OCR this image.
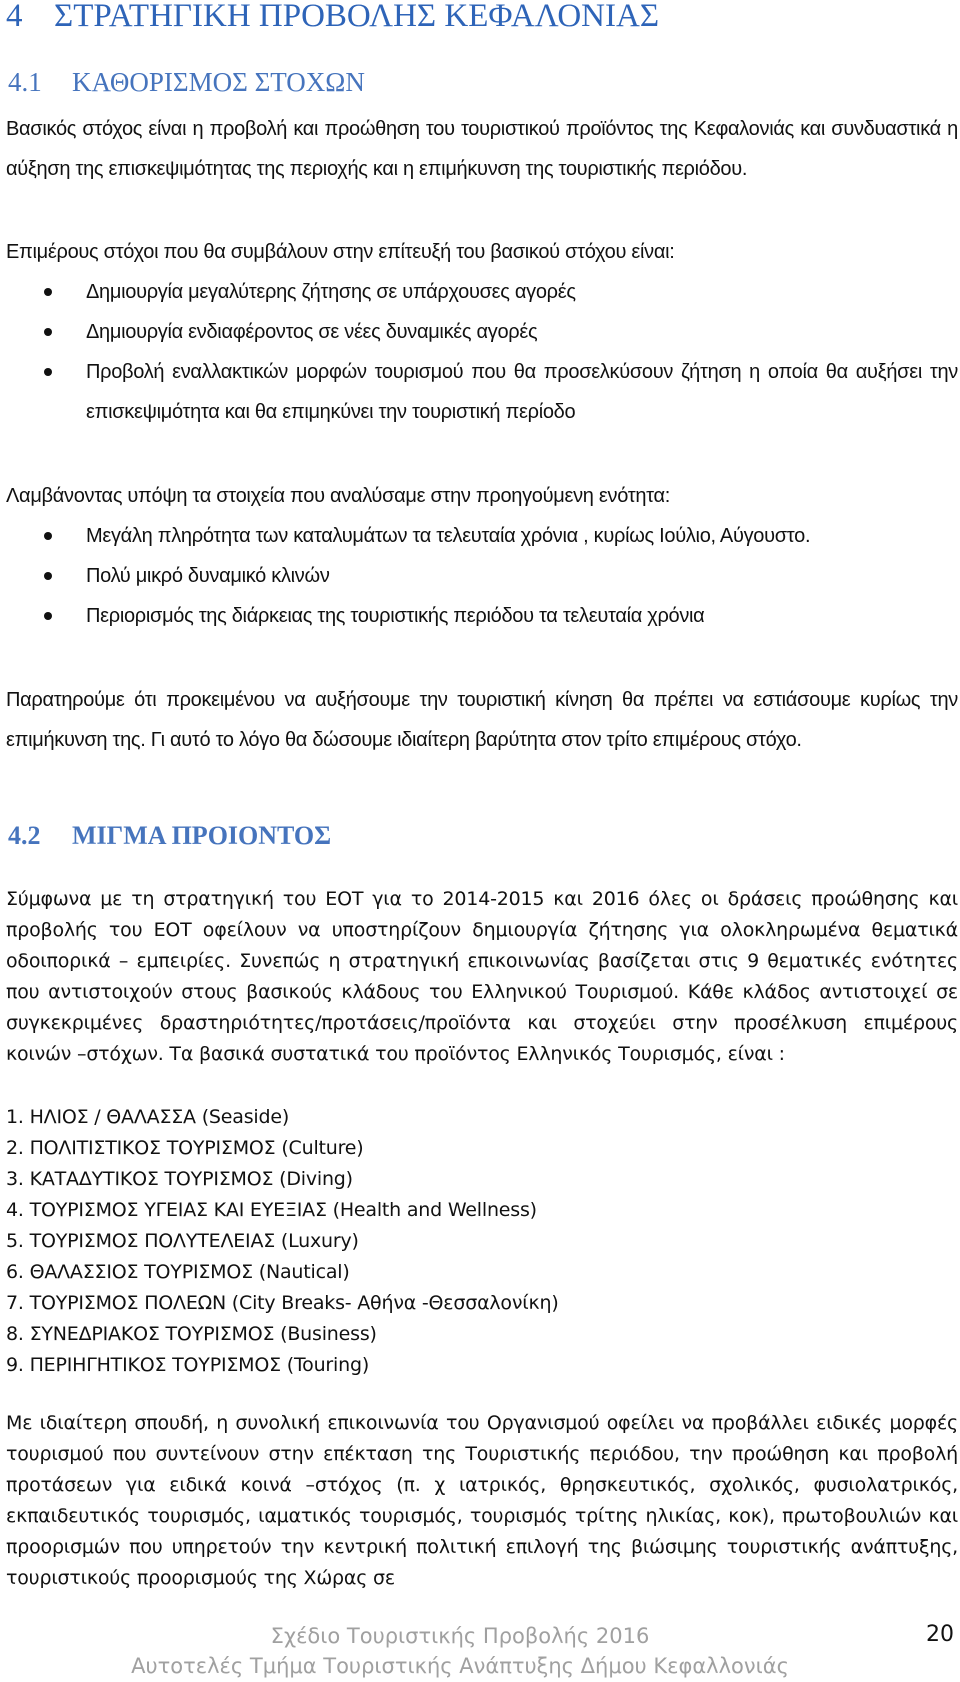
4 ΣΤΡΑΤΗΓΙΚΗ ΠΡΟΒΟΛΗΣ ΚΕΦΑΛΟΝΙΑΣ
4.1 ΚΑΘΟΡΙΣΜΟΣ ΣΤΟΧΩΝ
Βασικός στόχος είναι η προβολή και προώθηση του τουριστικού προϊόντος της Κεφαλονιάς και συνδυαστικά η αύξηση της επισκεψιμότητας της περιοχής και η επιμήκυνση της τουριστικής περιόδου.
Επιμέρους στόχοι που θα συμβάλουν στην επίτευξή του βασικού στόχου είναι:
Δημιουργία μεγαλύτερης ζήτησης σε υπάρχουσες αγορές
Δημιουργία ενδιαφέροντος σε νέες δυναμικές αγορές
Προβολή εναλλακτικών μορφών τουρισμού που θα προσελκύσουν ζήτηση η οποία θα αυξήσει την επισκεψιμότητα και θα επιμηκύνει την τουριστική περίοδο
Λαμβάνοντας υπόψη τα στοιχεία που αναλύσαμε στην προηγούμενη ενότητα:
Μεγάλη πληρότητα των καταλυμάτων τα τελευταία χρόνια , κυρίως Ιούλιο, Αύγουστο.
Πολύ μικρό δυναμικό κλινών
Περιορισμός της διάρκειας της τουριστικής περιόδου τα τελευταία χρόνια
Παρατηρούμε ότι προκειμένου να αυξήσουμε την τουριστική κίνηση θα πρέπει να εστιάσουμε κυρίως την επιμήκυνση της. Γι αυτό το λόγο θα δώσουμε ιδιαίτερη βαρύτητα στον τρίτο επιμέρους στόχο.
4.2 ΜΙΓΜΑ ΠΡΟΙΟΝΤΟΣ
Σύμφωνα με τη στρατηγική του ΕΟΤ για το 2014-2015 και 2016 όλες οι δράσεις προώθησης και προβολής του ΕΟΤ οφείλουν να υποστηρίζουν δημιουργία ζήτησης για ολοκληρωμένα θεματικά οδοιπορικά – εμπειρίες. Συνεπώς η στρατηγική επικοινωνίας βασίζεται στις 9 θεματικές ενότητες που αντιστοιχούν στους βασικούς κλάδους του Ελληνικού Τουρισμού. Κάθε κλάδος αντιστοιχεί σε συγκεκριμένες δραστηριότητες/προτάσεις/προϊόντα και στοχεύει στην προσέλκυση επιμέρους κοινών –στόχων. Τα βασικά συστατικά του προϊόντος Ελληνικός Τουρισμός, είναι :
1. ΗΛΙΟΣ / ΘΑΛΑΣΣΑ (Seaside)
2. ΠΟΛΙΤΙΣΤΙΚΟΣ ΤΟΥΡΙΣΜΟΣ (Culture)
3. ΚΑΤΑΔΥΤΙΚΟΣ ΤΟΥΡΙΣΜΟΣ (Diving)
4. ΤΟΥΡΙΣΜΟΣ ΥΓΕΙΑΣ ΚΑΙ ΕΥΕΞΙΑΣ (Health and Wellness)
5. ΤΟΥΡΙΣΜΟΣ ΠΟΛΥΤΕΛΕΙΑΣ (Luxury)
6. ΘΑΛΑΣΣΙΟΣ ΤΟΥΡΙΣΜΟΣ (Nautical)
7. ΤΟΥΡΙΣΜΟΣ ΠΟΛΕΩΝ (City Breaks- Αθήνα -Θεσσαλονίκη)
8. ΣΥΝΕΔΡΙΑΚΟΣ ΤΟΥΡΙΣΜΟΣ (Business)
9. ΠΕΡΙΗΓΗΤΙΚΟΣ ΤΟΥΡΙΣΜΟΣ (Touring)
Με ιδιαίτερη σπουδή, η συνολική επικοινωνία του Οργανισμού οφείλει να προβάλλει ειδικές μορφές τουρισμού που συντείνουν στην επέκταση της Τουριστικής περιόδου, την προώθηση και προβολή προτάσεων για ειδικά κοινά –στόχος (π. χ ιατρικός, θρησκευτικός, σχολικός, φυσιολατρικός, εκπαιδευτικός τουρισμός, ιαματικός τουρισμός, τουρισμός τρίτης ηλικίας, κοκ), πρωτοβουλιών και προορισμών που υπηρετούν την κεντρική πολιτική επιλογή της βιώσιμης τουριστικής ανάπτυξης, τουριστικούς προορισμούς της Χώρας σε
Σχέδιο Τουριστικής Προβολής 2016
Αυτοτελές Τμήμα Τουριστικής Ανάπτυξης Δήμου Κεφαλλονιάς
20
